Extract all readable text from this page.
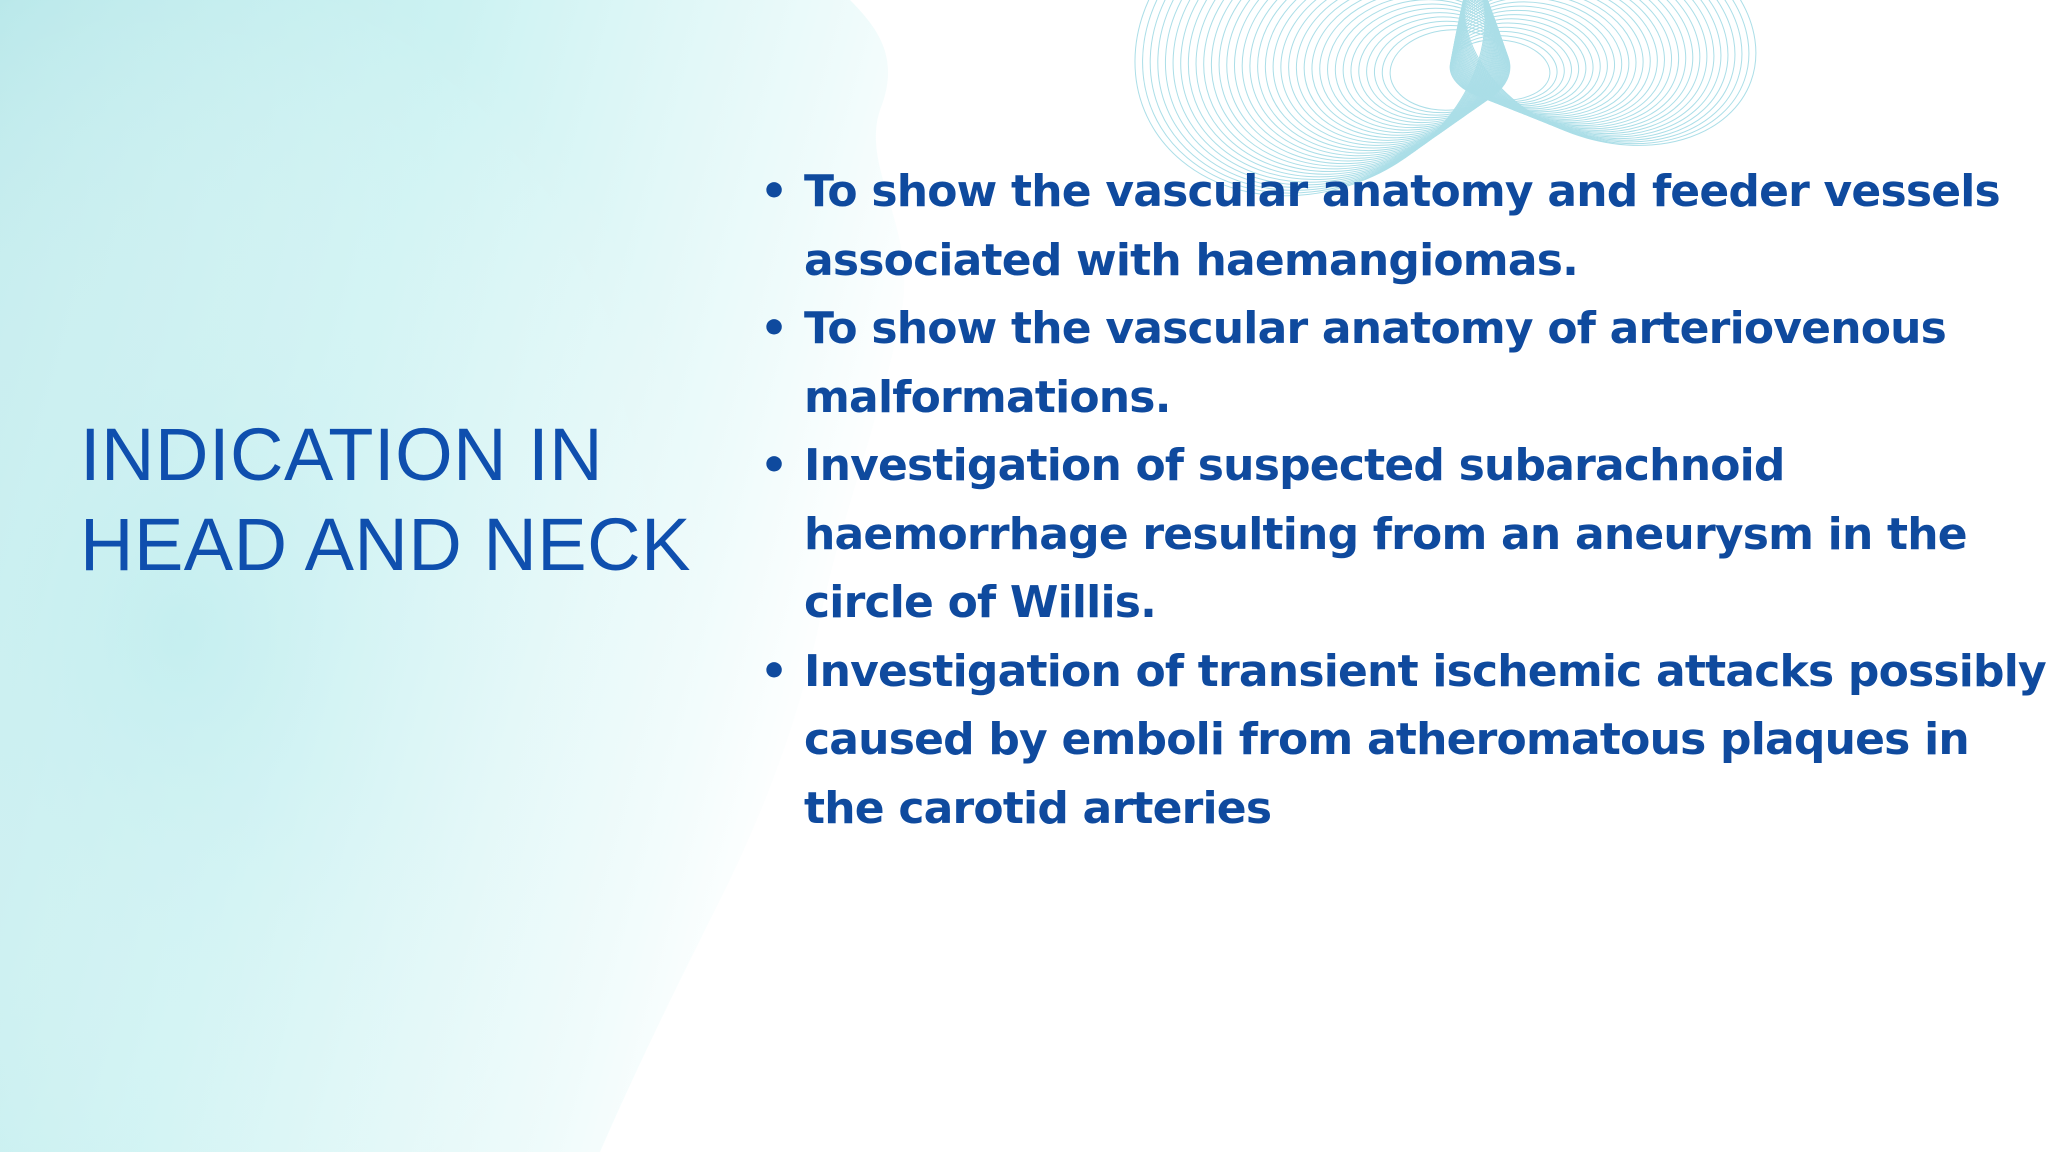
INDICATION IN
HEAD AND NECK
• To show the vascular anatomy and feeder vessels
associated with haemangiomas.
• To show the vascular anatomy of arteriovenous
malformations.
• Investigation of suspected subarachnoid
haemorrhage resulting from an aneurysm in the
circle of Willis.
• Investigation of transient ischemic attacks possibly
caused by emboli from atheromatous plaques in
the carotid arteries
